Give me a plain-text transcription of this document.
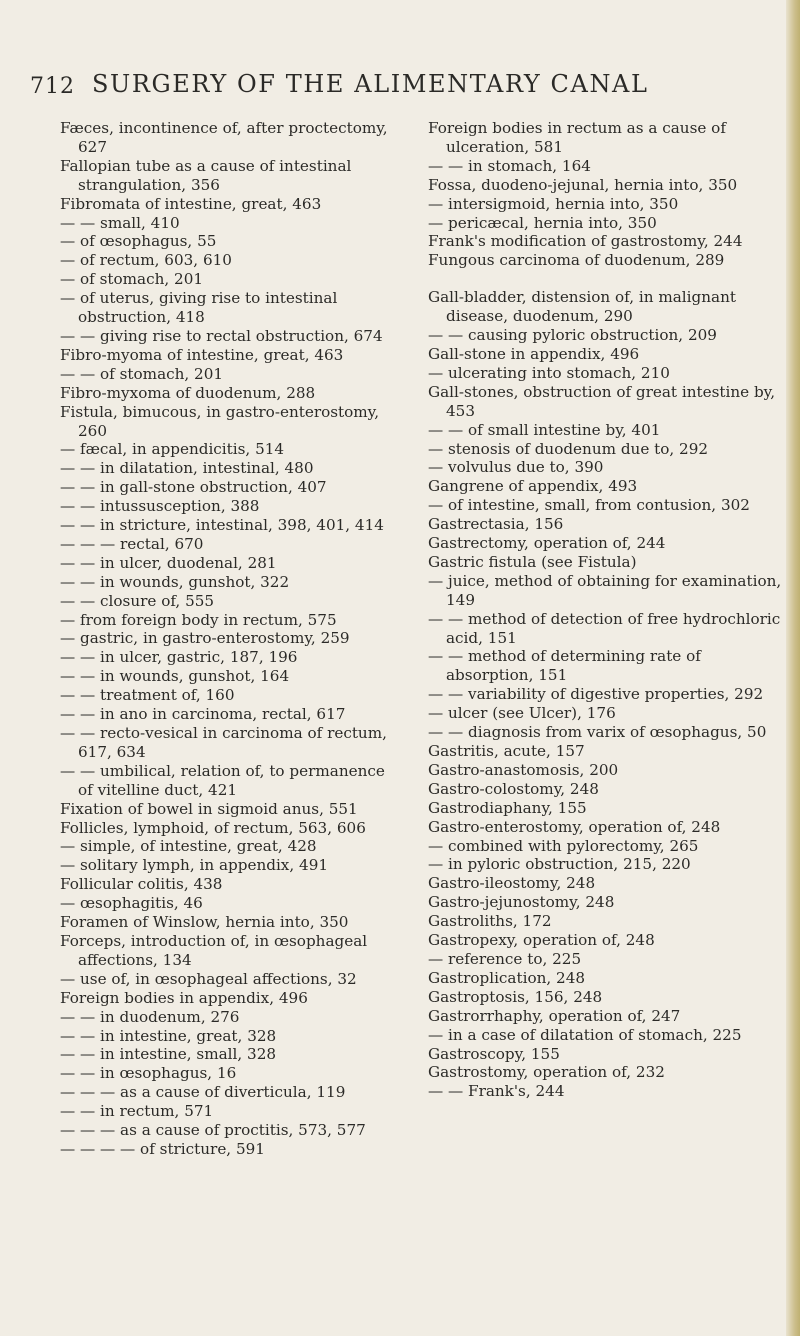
712 SURGERY OF THE ALIMENTARY CANAL

Fæces, incontinence of, after proctectomy, 627

Fallopian tube as a cause of intestinal strangulation, 356

Fibromata of intestine, great, 463

— — small, 410

— of œsophagus, 55

— of rectum, 603, 610

— of stomach, 201

— of uterus, giving rise to intestinal obstruction, 418

— — giving rise to rectal obstruction, 674

Fibro-myoma of intestine, great, 463

— — of stomach, 201

Fibro-myxoma of duodenum, 288

Fistula, bimucous, in gastro-enterostomy, 260

— fæcal, in appendicitis, 514

— — in dilatation, intestinal, 480

— — in gall-stone obstruction, 407

— — intussusception, 388

— — in stricture, intestinal, 398, 401, 414

— — — rectal, 670

— — in ulcer, duodenal, 281

— — in wounds, gunshot, 322

— — closure of, 555

— from foreign body in rectum, 575

— gastric, in gastro-enterostomy, 259

— — in ulcer, gastric, 187, 196

— — in wounds, gunshot, 164

— — treatment of, 160

— — in ano in carcinoma, rectal, 617

— — recto-vesical in carcinoma of rectum, 617, 634

— — umbilical, relation of, to permanence of vitelline duct, 421

Fixation of bowel in sigmoid anus, 551

Follicles, lymphoid, of rectum, 563, 606

— simple, of intestine, great, 428

— solitary lymph, in appendix, 491

Follicular colitis, 438

— œsophagitis, 46

Foramen of Winslow, hernia into, 350

Forceps, introduction of, in œsophageal affections, 134

— use of, in œsophageal affections, 32

Foreign bodies in appendix, 496

— — in duodenum, 276

— — in intestine, great, 328

— — in intestine, small, 328

— — in œsophagus, 16

— — — as a cause of diverticula, 119

— — in rectum, 571

— — — as a cause of proctitis, 573, 577

— — — — of stricture, 591

Foreign bodies in rectum as a cause of ulceration, 581

— — in stomach, 164

Fossa, duodeno-jejunal, hernia into, 350

— intersigmoid, hernia into, 350

— pericæcal, hernia into, 350

Frank's modification of gastrostomy, 244

Fungous carcinoma of duodenum, 289

Gall-bladder, distension of, in malignant disease, duodenum, 290

— — causing pyloric obstruction, 209

Gall-stone in appendix, 496

— ulcerating into stomach, 210

Gall-stones, obstruction of great intestine by, 453

— — of small intestine by, 401

— stenosis of duodenum due to, 292

— volvulus due to, 390

Gangrene of appendix, 493

— of intestine, small, from contusion, 302

Gastrectasia, 156

Gastrectomy, operation of, 244

Gastric fistula (see Fistula)

— juice, method of obtaining for examination, 149

— — method of detection of free hydrochloric acid, 151

— — method of determining rate of absorption, 151

— — variability of digestive properties, 292

— ulcer (see Ulcer), 176

— — diagnosis from varix of œsophagus, 50

Gastritis, acute, 157

Gastro-anastomosis, 200

Gastro-colostomy, 248

Gastrodiaphany, 155

Gastro-enterostomy, operation of, 248

— combined with pylorectomy, 265

— in pyloric obstruction, 215, 220

Gastro-ileostomy, 248

Gastro-jejunostomy, 248

Gastroliths, 172

Gastropexy, operation of, 248

— reference to, 225

Gastroplication, 248

Gastroptosis, 156, 248

Gastrorrhaphy, operation of, 247

— in a case of dilatation of stomach, 225

Gastroscopy, 155

Gastrostomy, operation of, 232

— — Frank's, 244
